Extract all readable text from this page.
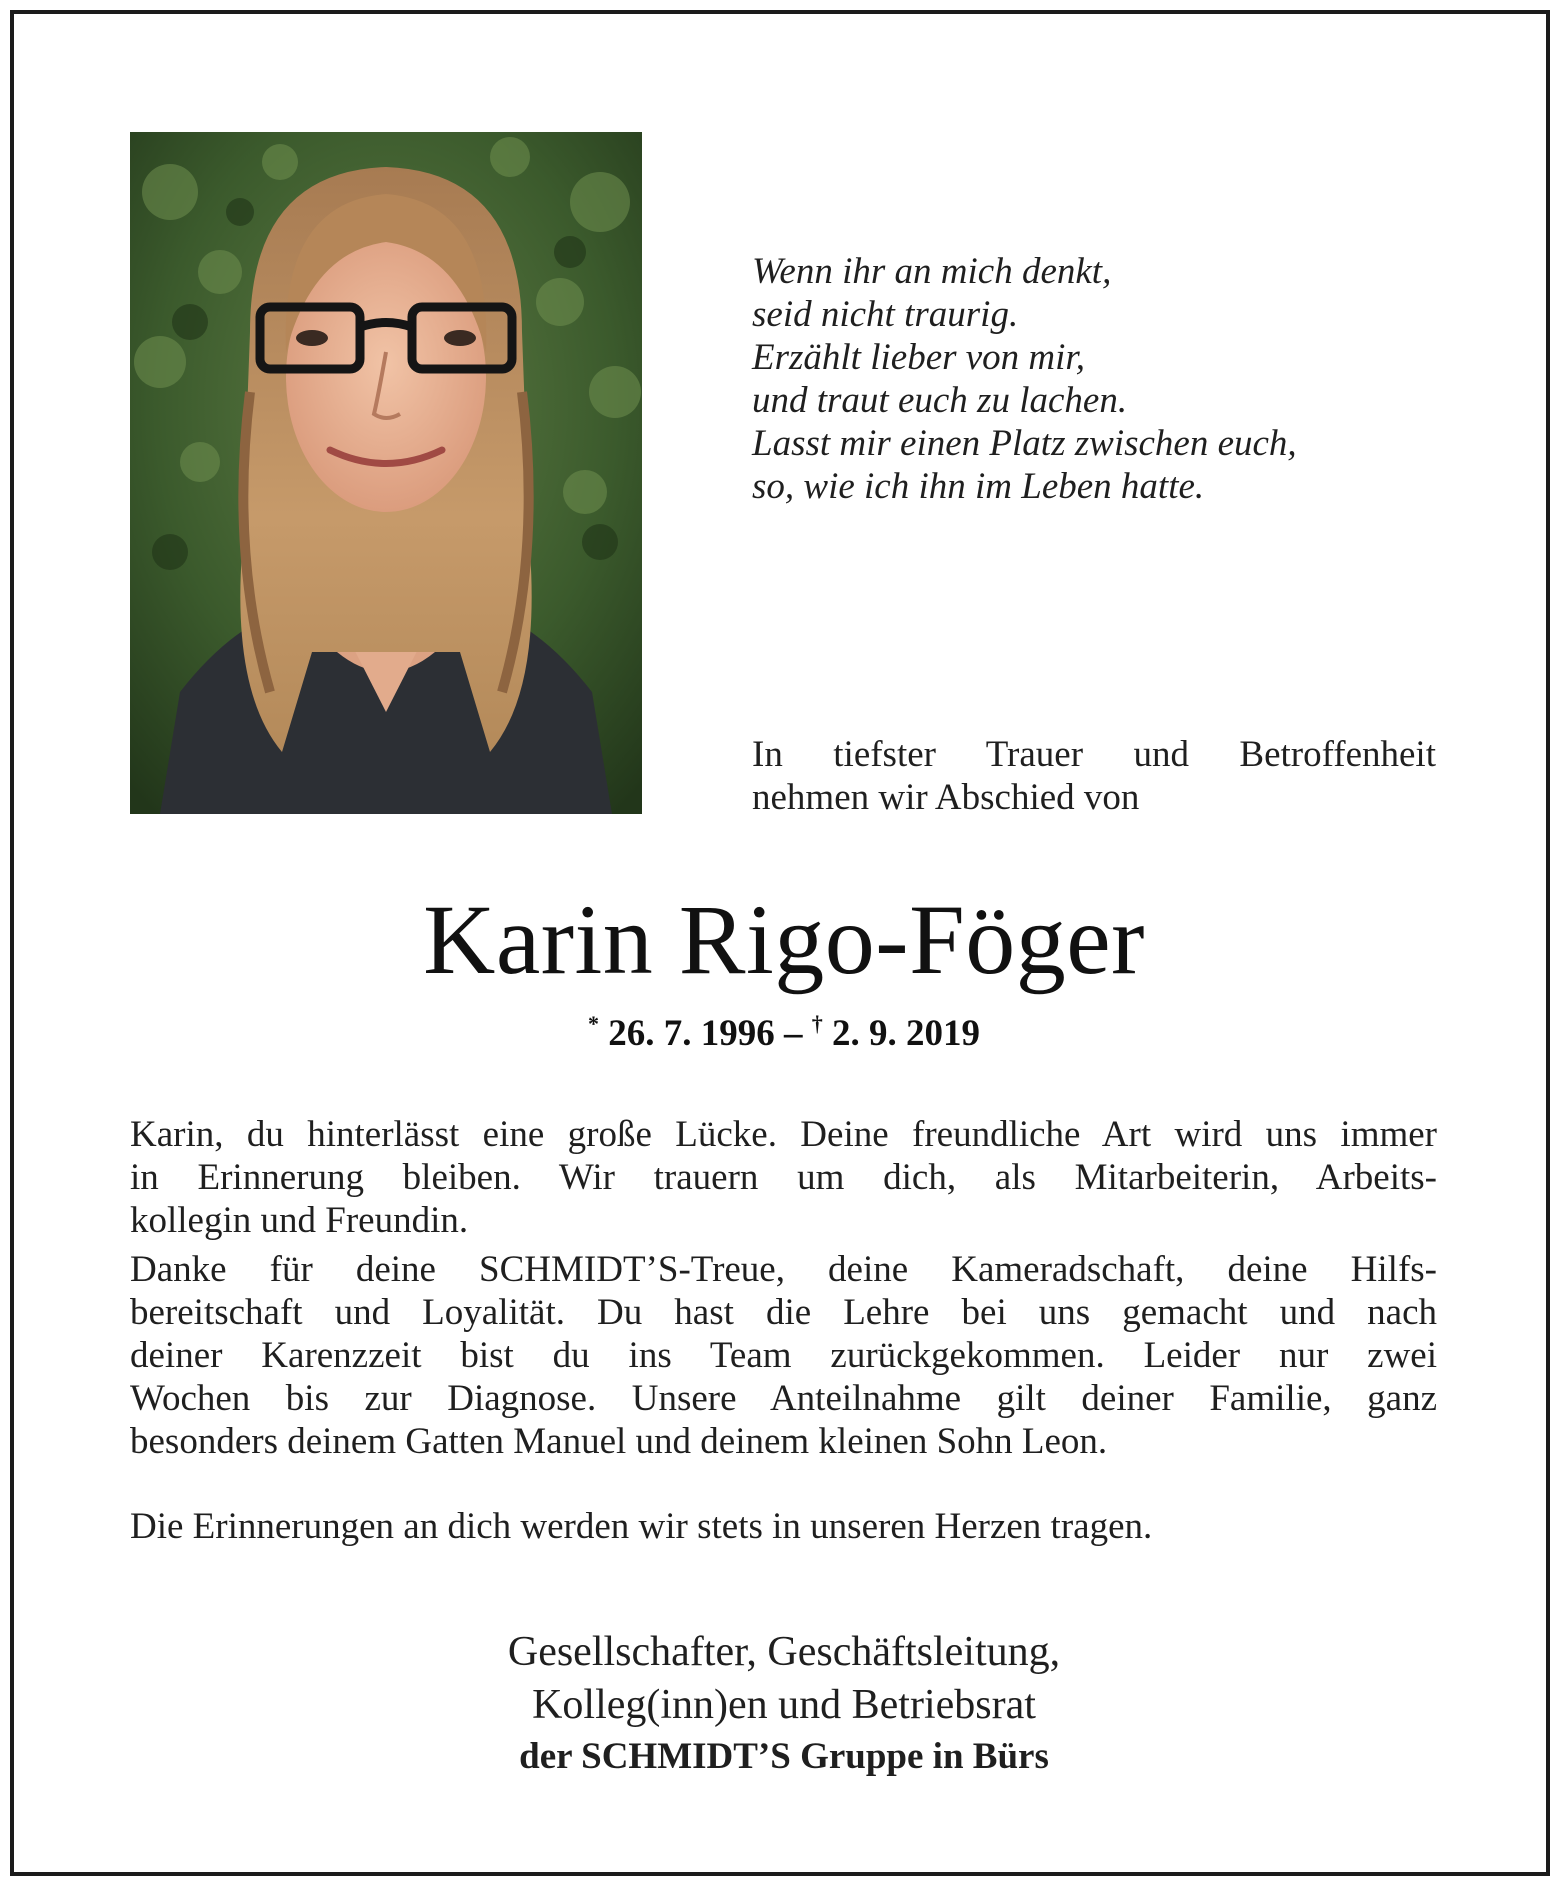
Wenn ihr an mich denkt,
seid nicht traurig.
Erzählt lieber von mir,
und traut euch zu lachen.
Lasst mir einen Platz zwischen euch,
so, wie ich ihn im Leben hatte.
In tiefster Trauer und Betroffenheit
nehmen wir Abschied von
Karin Rigo-Föger
* 26. 7. 1996 – † 2. 9. 2019
Karin, du hinterlässt eine große Lücke. Deine freundliche Art wird uns immer
in Erinnerung bleiben. Wir trauern um dich, als Mitarbeiterin, Arbeits-
kollegin und Freundin.
Danke für deine SCHMIDT’S-Treue, deine Kameradschaft, deine Hilfs-
bereitschaft und Loyalität. Du hast die Lehre bei uns gemacht und nach
deiner Karenzzeit bist du ins Team zurückgekommen. Leider nur zwei
Wochen bis zur Diagnose. Unsere Anteilnahme gilt deiner Familie, ganz
besonders deinem Gatten Manuel und deinem kleinen Sohn Leon.
Die Erinnerungen an dich werden wir stets in unseren Herzen tragen.
Gesellschafter, Geschäftsleitung,
Kolleg(inn)en und Betriebsrat
der SCHMIDT’S Gruppe in Bürs
